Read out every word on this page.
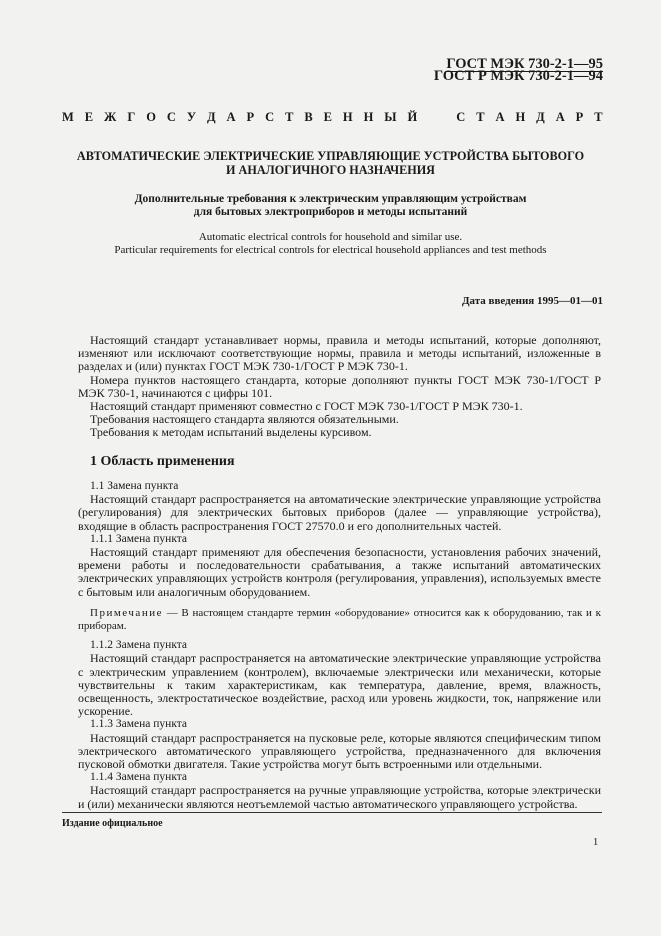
ГОСТ МЭК 730-2-1—95
ГОСТ Р МЭК 730-2-1—94
М Е Ж Г О С У Д А Р С Т В Е Н Н Ы Й

	С Т А Н Д А Р Т
АВТОМАТИЧЕСКИЕ ЭЛЕКТРИЧЕСКИЕ УПРАВЛЯЮЩИЕ УСТРОЙСТВА БЫТОВОГО
И АНАЛОГИЧНОГО НАЗНАЧЕНИЯ
Дополнительные требования к электрическим управляющим устройствам
для бытовых электроприборов и методы испытаний
Automatic electrical controls for household and similar use.
Particular requirements for electrical controls for electrical household appliances and test methods
Дата введения 1995—01—01
Настоящий стандарт устанавливает нормы, правила и методы испытаний, которые дополняют, изменяют или исключают соответствующие нормы, правила и методы испытаний, изложенные в разделах и (или) пунктах ГОСТ МЭК 730-1/ГОСТ Р МЭК 730-1.
Номера пунктов настоящего стандарта, которые дополняют пункты ГОСТ МЭК 730-1/ГОСТ Р МЭК 730-1, начинаются с цифры 101.
Настоящий стандарт применяют совместно с ГОСТ МЭК 730-1/ГОСТ Р МЭК 730-1.
Требования настоящего стандарта являются обязательными.
Требования к методам испытаний выделены курсивом.
1 Область применения
1.1 Замена пункта
Настоящий стандарт распространяется на автоматические электрические управляющие устройства (регулирования) для электрических бытовых приборов (далее — управляющие устройства), входящие в область распространения ГОСТ 27570.0 и его дополнительных частей.
1.1.1 Замена пункта
Настоящий стандарт применяют для обеспечения безопасности, установления рабочих значений, времени работы и последовательности срабатывания, а также испытаний автоматических электрических управляющих устройств контроля (регулирования, управления), используемых вместе с бытовым или аналогичным оборудованием.
Примечание — В настоящем стандарте термин «оборудование» относится как к оборудованию, так и к приборам.
1.1.2 Замена пункта
Настоящий стандарт распространяется на автоматические электрические управляющие устройства с электрическим управлением (контролем), включаемые электрически или механически, которые чувствительны к таким характеристикам, как температура, давление, время, влажность, освещенность, электростатическое воздействие, расход или уровень жидкости, ток, напряжение или ускорение.
1.1.3 Замена пункта
Настоящий стандарт распространяется на пусковые реле, которые являются специфическим типом электрического автоматического управляющего устройства, предназначенного для включения пусковой обмотки двигателя. Такие устройства могут быть встроенными или отдельными.
1.1.4 Замена пункта
Настоящий стандарт распространяется на ручные управляющие устройства, которые электрически и (или) механически являются неотъемлемой частью автоматического управляющего устройства.
Издание официальное
1
